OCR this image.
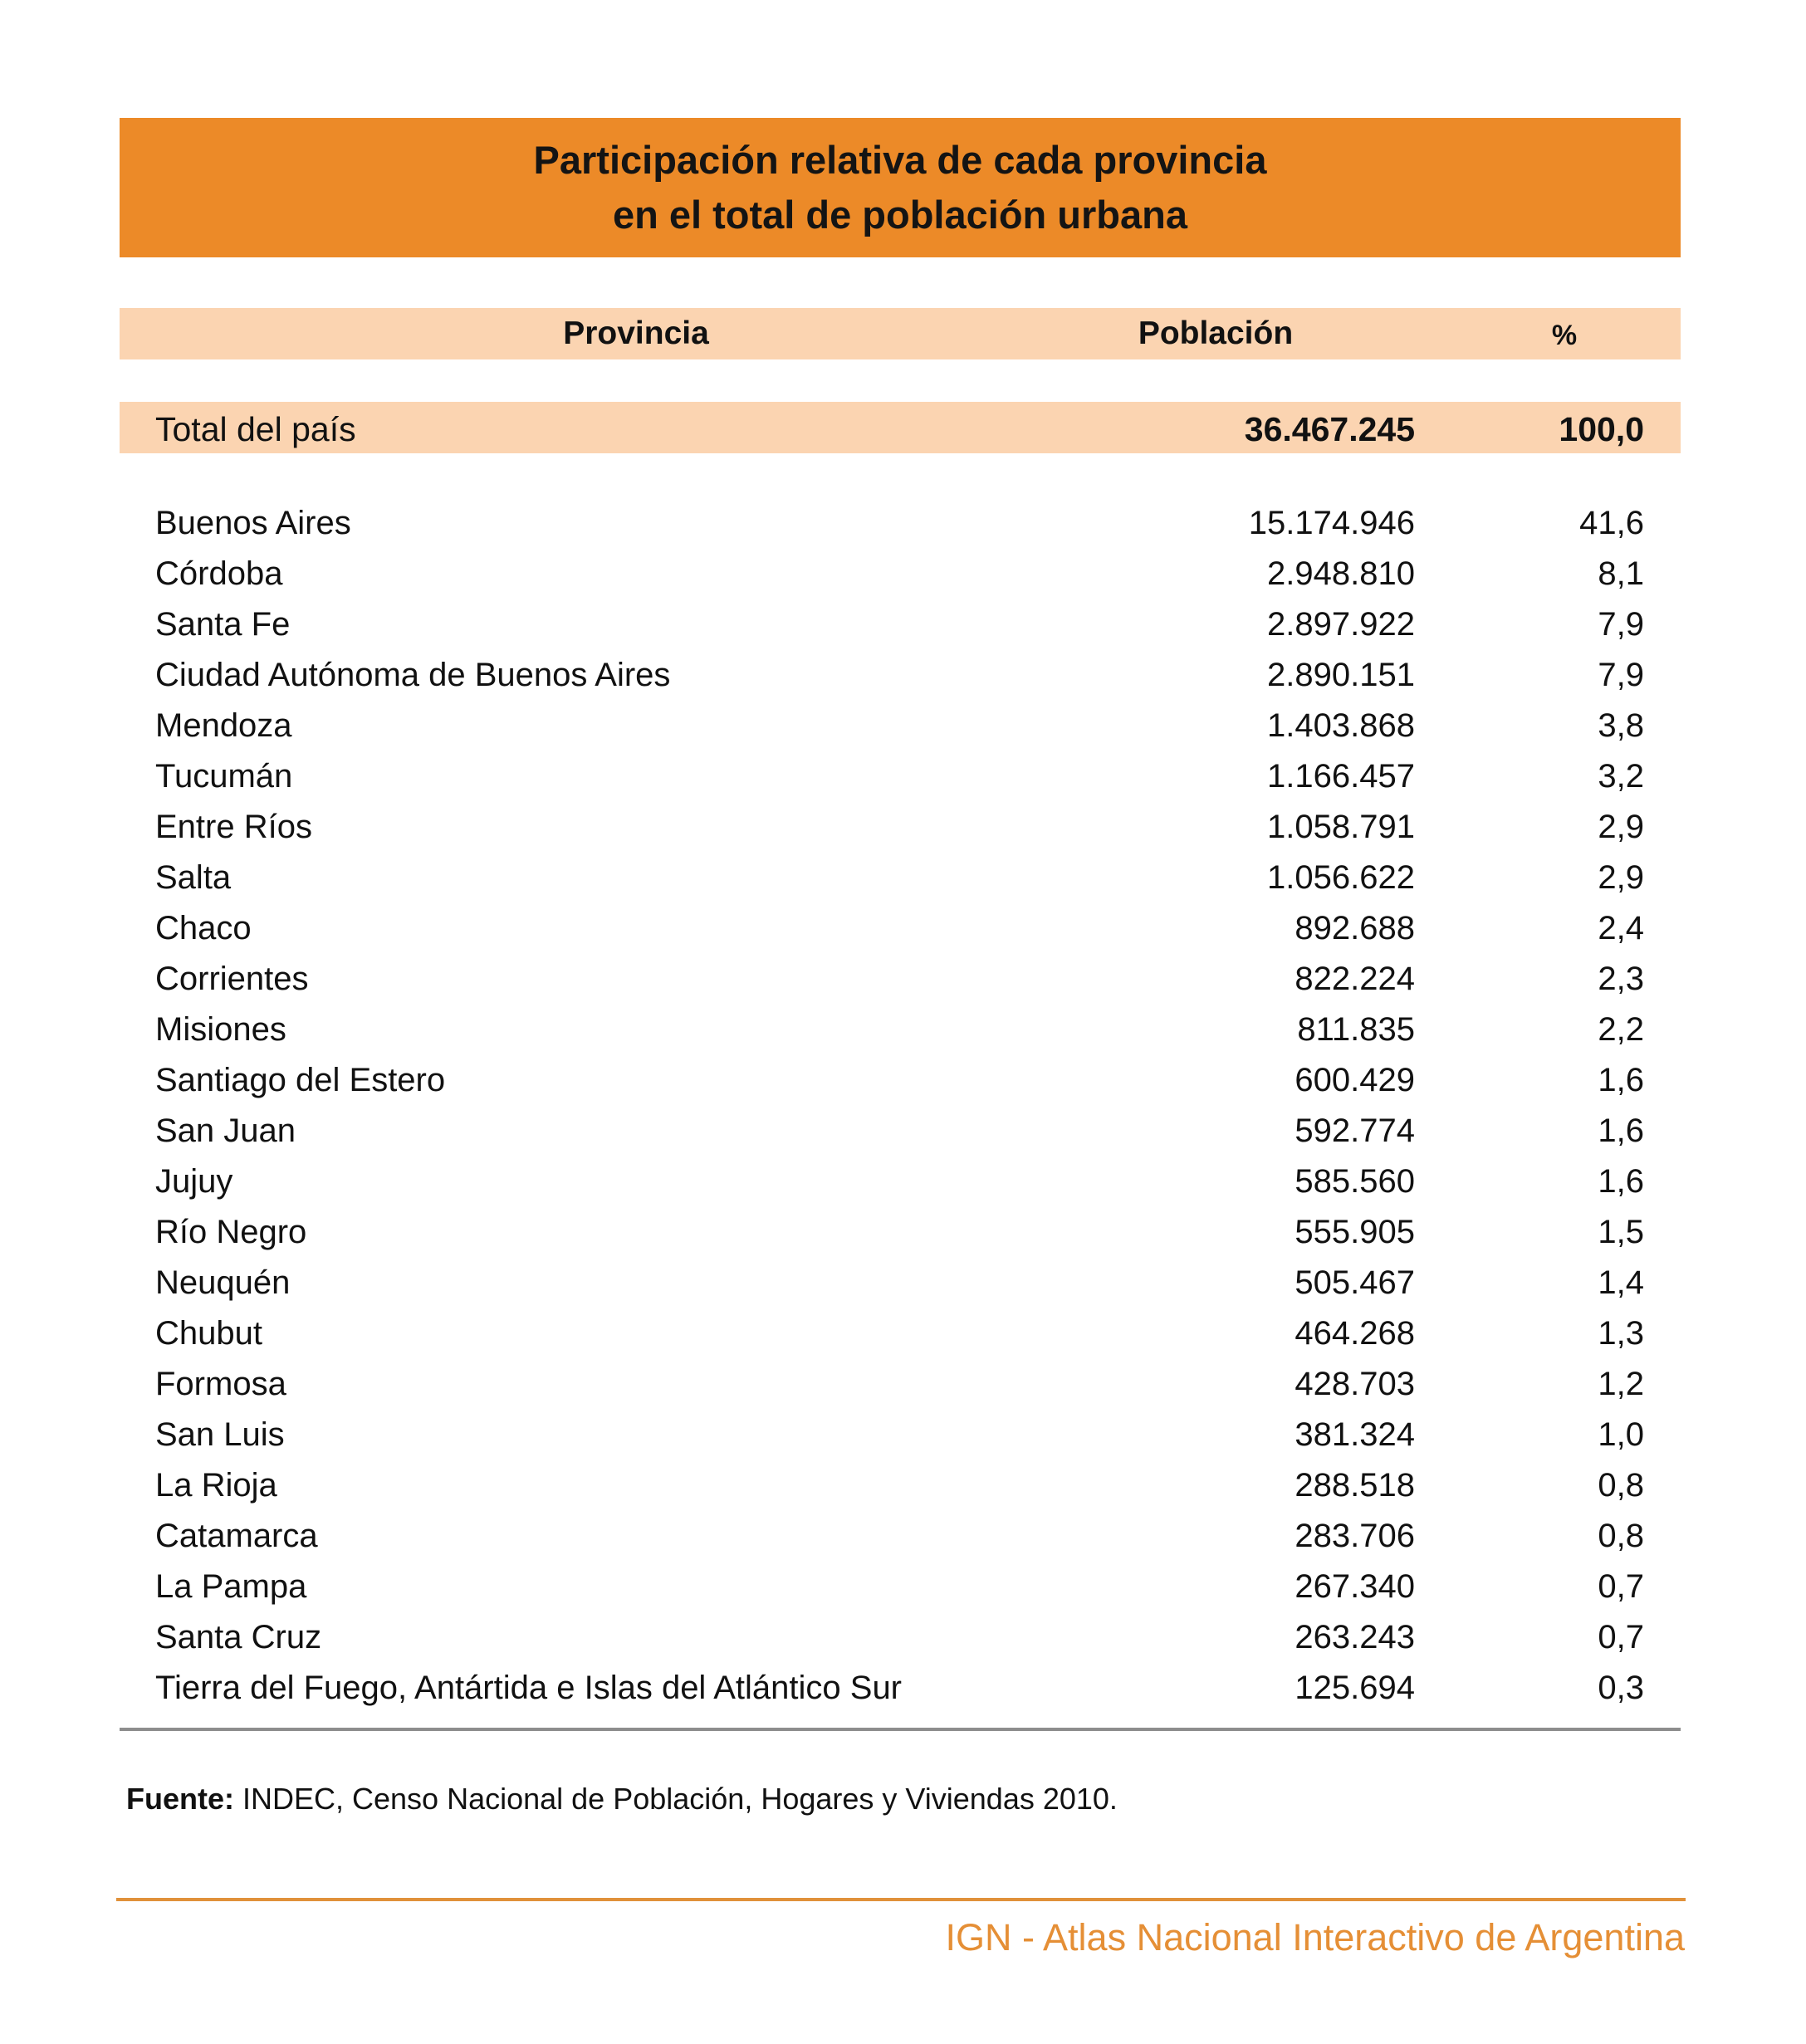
Participación relativa de cada provincia
en el total de población urbana
Provincia	Población	%
Total del país	36.467.245	100,0
Buenos Aires	15.174.946	41,6
Córdoba	2.948.810	8,1
Santa Fe	2.897.922	7,9
Ciudad Autónoma de Buenos Aires	2.890.151	7,9
Mendoza	1.403.868	3,8
Tucumán	1.166.457	3,2
Entre Ríos	1.058.791	2,9
Salta	1.056.622	2,9
Chaco	892.688	2,4
Corrientes	822.224	2,3
Misiones	811.835	2,2
Santiago del Estero	600.429	1,6
San Juan	592.774	1,6
Jujuy	585.560	1,6
Río Negro	555.905	1,5
Neuquén	505.467	1,4
Chubut	464.268	1,3
Formosa	428.703	1,2
San Luis	381.324	1,0
La Rioja	288.518	0,8
Catamarca	283.706	0,8
La Pampa	267.340	0,7
Santa Cruz	263.243	0,7
Tierra del Fuego, Antártida e Islas del Atlántico Sur	125.694	0,3
Fuente: INDEC, Censo Nacional de Población, Hogares y Viviendas 2010.
IGN - Atlas Nacional Interactivo de Argentina
